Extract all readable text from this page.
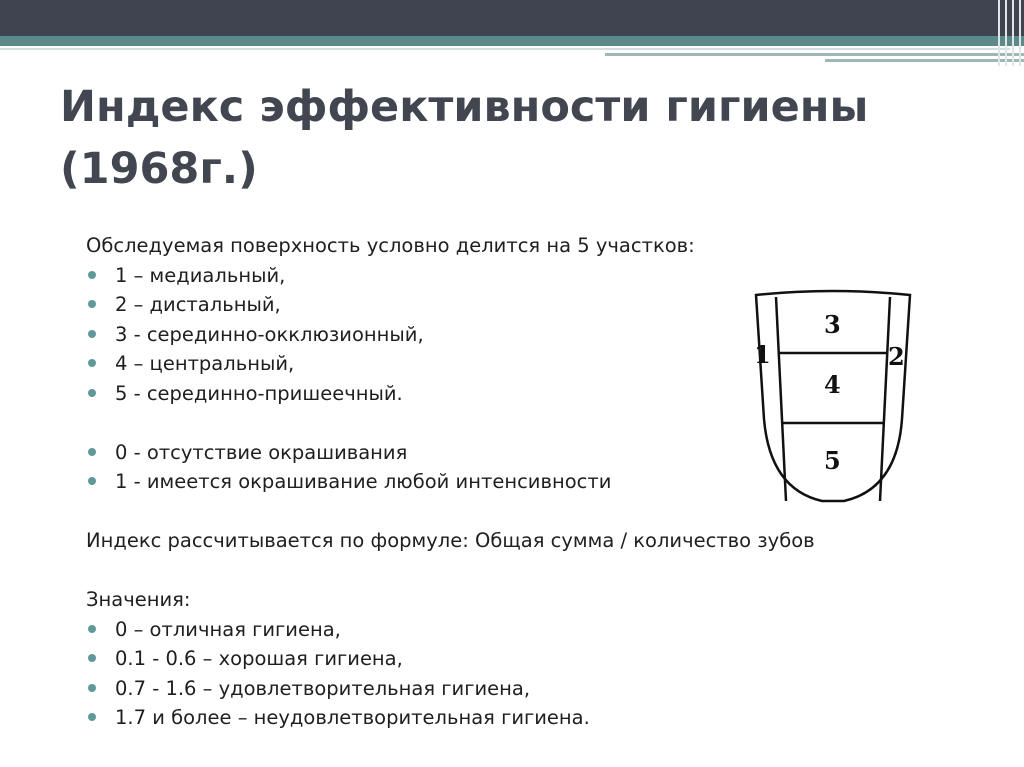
Индекс эффективности гигиены
(1968г.)

Обследуемая поверхность условно делится на 5 участков:

1 – медиальный,
2 – дистальный,
3 - серединно-окклюзионный,
4 – центральный,
5 - серединно-пришеечный.
0 - отсутствие окрашивания
1 - имеется окрашивание любой интенсивности

Индекс рассчитывается по формуле: Общая сумма / количество зубов

Значения:

0 – отличная гигиена,
0.1 - 0.6 – хорошая гигиена,
0.7 - 1.6 – удовлетворительная гигиена,
1.7 и более – неудовлетворительная гигиена.
1	2
3
4
5
